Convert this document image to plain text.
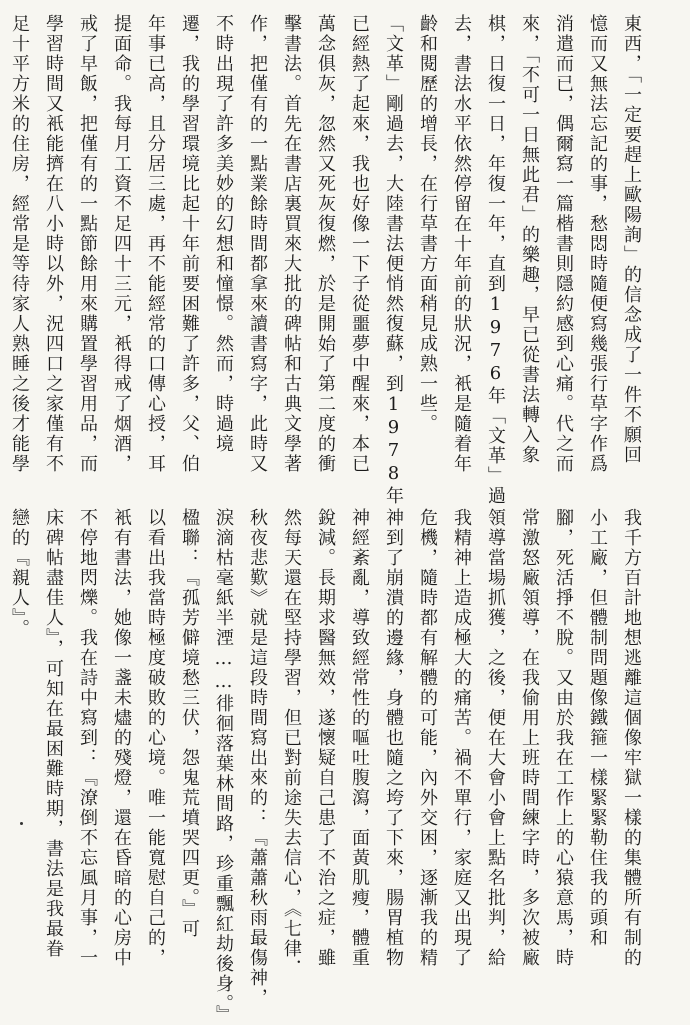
東西，「一定要趕上歐陽詢」的信念成了一件不願回
憶而又無法忘記的事，愁悶時隨便寫幾張行草字作爲
消遣而已，偶爾寫一篇楷書則隱約感到心痛。代之而
來，「不可一日無此君」的樂趣，早已從書法轉入象
棋，日復一日，年復一年，直到1976年「文革」過
去，書法水平依然停留在十年前的狀況，衹是隨着年
齡和閱歷的增長，在行草書方面稍見成熟一些。
「文革」剛過去，大陸書法便悄然復蘇，到1978年
已經熱了起來，我也好像一下子從噩夢中醒來，本已
萬念俱灰，忽然又死灰復燃，於是開始了第二度的衝
擊書法。首先在書店裏買來大批的碑帖和古典文學著
作，把僅有的一點業餘時間都拿來讀書寫字，此時又
不時出現了許多美妙的幻想和憧憬。然而，時過境
遷，我的學習環境比起十年前要困難了許多，父、伯
年事已高，且分居三處，再不能經常的口傳心授，耳
提面命。我每月工資不足四十三元，衹得戒了烟酒，
戒了早飯，把僅有的一點節餘用來購置學習用品，而
學習時間又衹能擠在八小時以外，況四口之家僅有不
足十平方米的住房，經常是等待家人熟睡之後才能學
我千方百計地想逃離這個像牢獄一樣的集體所有制的
小工廠，但體制問題像鐵箍一樣緊緊勒住我的頭和
腳，死活掙不脫。又由於我在工作上的心猿意馬，時
常激怒廠領導，在我偷用上班時間練字時，多次被廠
領導當場抓獲，之後，便在大會小會上點名批判，給
我精神上造成極大的痛苦。禍不單行，家庭又出現了
危機，隨時都有解體的可能，內外交困，逐漸我的精
神到了崩潰的邊緣，身體也隨之垮了下來，腸胃植物
神經紊亂，導致經常性的嘔吐腹瀉，面黃肌瘦，體重
銳減。長期求醫無效，遂懷疑自己患了不治之症，雖
然每天還在堅持學習，但已對前途失去信心，《七律．
秋夜悲歎》就是這段時間寫出來的：『蕭蕭秋雨最傷神，
淚滴枯毫紙半湮……徘徊落葉林間路，珍重飄紅劫後身。』
楹聯：『孤芳僻境愁三伏，怨鬼荒墳哭四更。』可
以看出我當時極度破敗的心境。唯一能寬慰自己的，
衹有書法，她像一盞未燼的殘燈，還在昏暗的心房中
不停地閃爍。我在詩中寫到：『潦倒不忘風月事，一
床碑帖盡佳人』，可知在最困難時期，書法是我最眷
戀的『親人』。
